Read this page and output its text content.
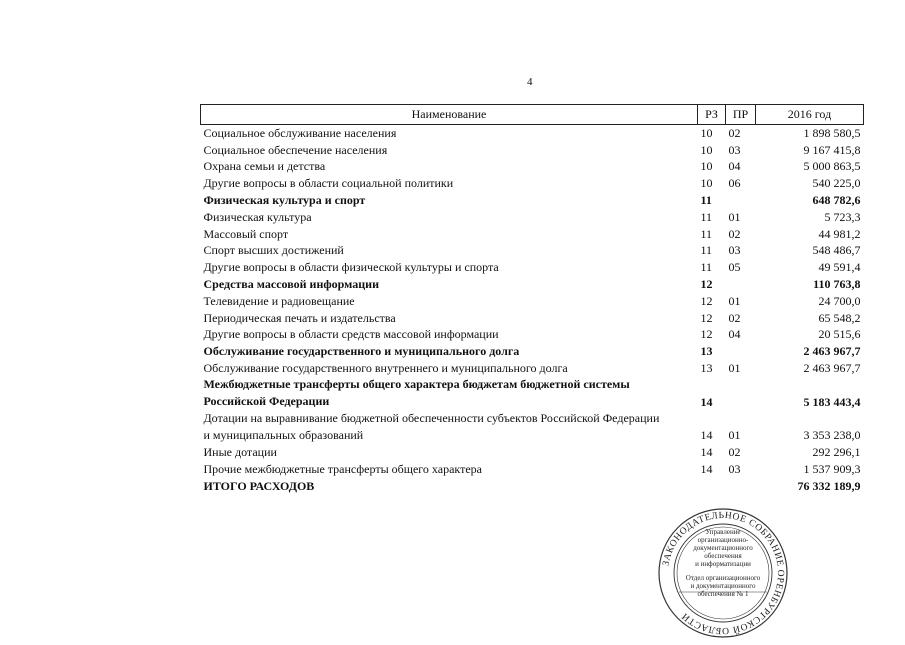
4
Наименование	РЗ	ПР	2016 год
Социальное обслуживание населения	10	02	1 898 580,5
Социальное обеспечение населения	10	03	9 167 415,8
Охрана семьи и детства	10	04	5 000 863,5
Другие вопросы в области социальной политики	10	06	540 225,0
Физическая культура и спорт	11		648 782,6
Физическая культура	11	01	5 723,3
Массовый спорт	11	02	44 981,2
Спорт высших достижений	11	03	548 486,7
Другие вопросы в области физической культуры и спорта	11	05	49 591,4
Средства массовой информации	12		110 763,8
Телевидение и радиовещание	12	01	24 700,0
Периодическая печать и издательства	12	02	65 548,2
Другие вопросы в области средств массовой информации	12	04	20 515,6
Обслуживание государственного и муниципального долга	13		2 463 967,7
Обслуживание государственного внутреннего и муниципального долга	13	01	2 463 967,7
Межбюджетные трансферты общего характера бюджетам бюджетной системы
Российской Федерации	14		5 183 443,4
Дотации на выравнивание бюджетной обеспеченности субъектов Российской Федерации
и муниципальных образований	14	01	3 353 238,0
Иные дотации	14	02	292 296,1
Прочие межбюджетные трансферты общего характера	14	03	1 537 909,3
ИТОГО РАСХОДОВ			76 332 189,9
ЗАКОНОДАТЕЛЬНОЕ СОБРАНИЕ ОРЕНБУРГСКОЙ ОБЛАСТИ
Управление
организационно-
документационного
обеспечения
и информатизации
Отдел организационного
и документационного
обеспечения № 1
